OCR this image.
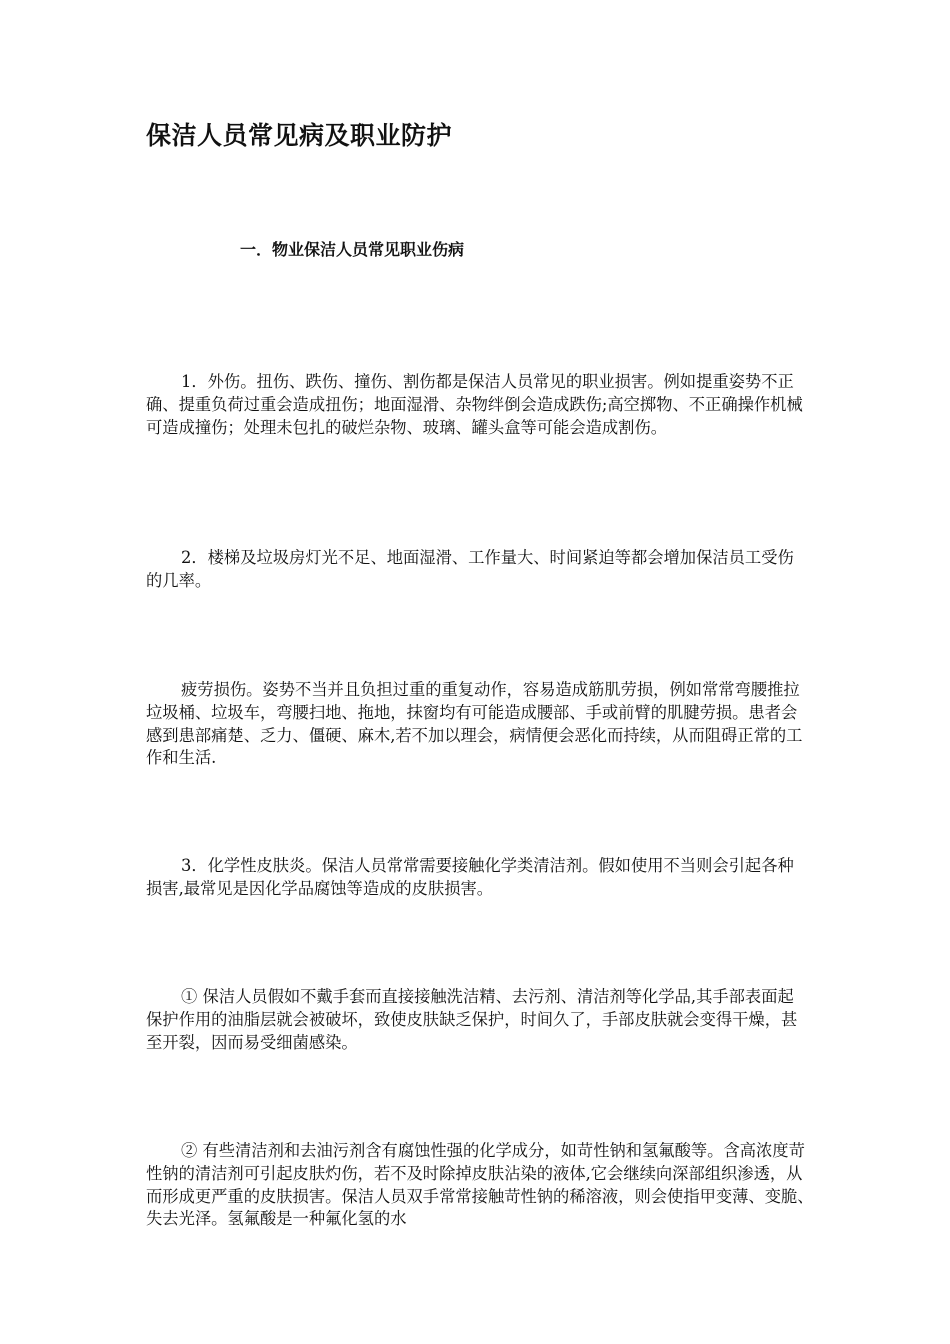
保洁人员常见病及职业防护
一．物业保洁人员常见职业伤病

1．外伤。扭伤、跌伤、撞伤、割伤都是保洁人员常见的职业损害。例如提重姿势不正确、提重负荷过重会造成扭伤；地面湿滑、杂物绊倒会造成跌伤;高空掷物、不正确操作机械可造成撞伤；处理未包扎的破烂杂物、玻璃、罐头盒等可能会造成割伤。

2．楼梯及垃圾房灯光不足、地面湿滑、工作量大、时间紧迫等都会增加保洁员工受伤的几率。

疲劳损伤。姿势不当并且负担过重的重复动作，容易造成筋肌劳损，例如常常弯腰推拉垃圾桶、垃圾车，弯腰扫地、拖地，抹窗均有可能造成腰部、手或前臂的肌腱劳损。患者会感到患部痛楚、乏力、僵硬、麻木,若不加以理会，病情便会恶化而持续，从而阻碍正常的工作和生活.

3．化学性皮肤炎。保洁人员常常需要接触化学类清洁剂。假如使用不当则会引起各种损害,最常见是因化学品腐蚀等造成的皮肤损害。

① 保洁人员假如不戴手套而直接接触洗洁精、去污剂、清洁剂等化学品,其手部表面起保护作用的油脂层就会被破坏，致使皮肤缺乏保护，时间久了，手部皮肤就会变得干燥，甚至开裂，因而易受细菌感染。

② 有些清洁剂和去油污剂含有腐蚀性强的化学成分，如苛性钠和氢氟酸等。含高浓度苛性钠的清洁剂可引起皮肤灼伤，若不及时除掉皮肤沾染的液体,它会继续向深部组织渗透，从而形成更严重的皮肤损害。保洁人员双手常常接触苛性钠的稀溶液，则会使指甲变薄、变脆、失去光泽。氢氟酸是一种氟化氢的水
